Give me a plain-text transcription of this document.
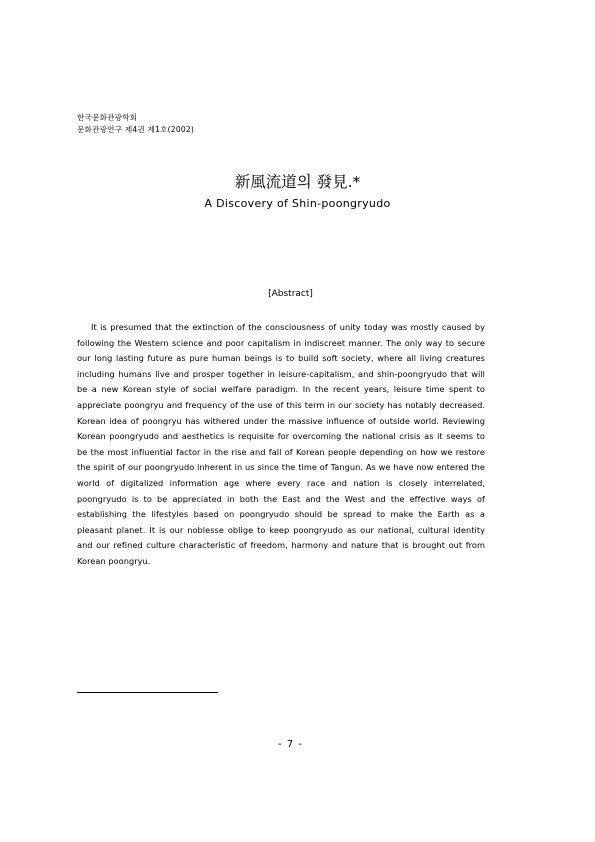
한국문화관광학회
문화관광연구 제4권 제1호(2002)
新風流道의 發見.*
A Discovery of Shin-poongryudo
[Abstract]
It is presumed that the extinction of the consciousness of unity today was mostly caused by following the Western science and poor capitalism in indiscreet manner. The only way to secure our long lasting future as pure human beings is to build soft society, where all living creatures including humans live and prosper together in leisure-capitalism, and shin-poongryudo that will be a new Korean style of social welfare paradigm. In the recent years, leisure time spent to appreciate poongryu and frequency of the use of this term in our society has notably decreased. Korean idea of poongryu has withered under the massive influence of outside world. Reviewing Korean poongryudo and aesthetics is requisite for overcoming the national crisis as it seems to be the most influential factor in the rise and fall of Korean people depending on how we restore the spirit of our poongryudo inherent in us since the time of Tangun. As we have now entered the world of digitalized information age where every race and nation is closely interrelated, poongryudo is to be appreciated in both the East and the West and the effective ways of establishing the lifestyles based on poongryudo should be spread to make the Earth as a pleasant planet. It is our noblesse oblige to keep poongryudo as our national, cultural identity and our refined culture characteristic of freedom, harmony and nature that is brought out from Korean poongryu.
- 7 -
